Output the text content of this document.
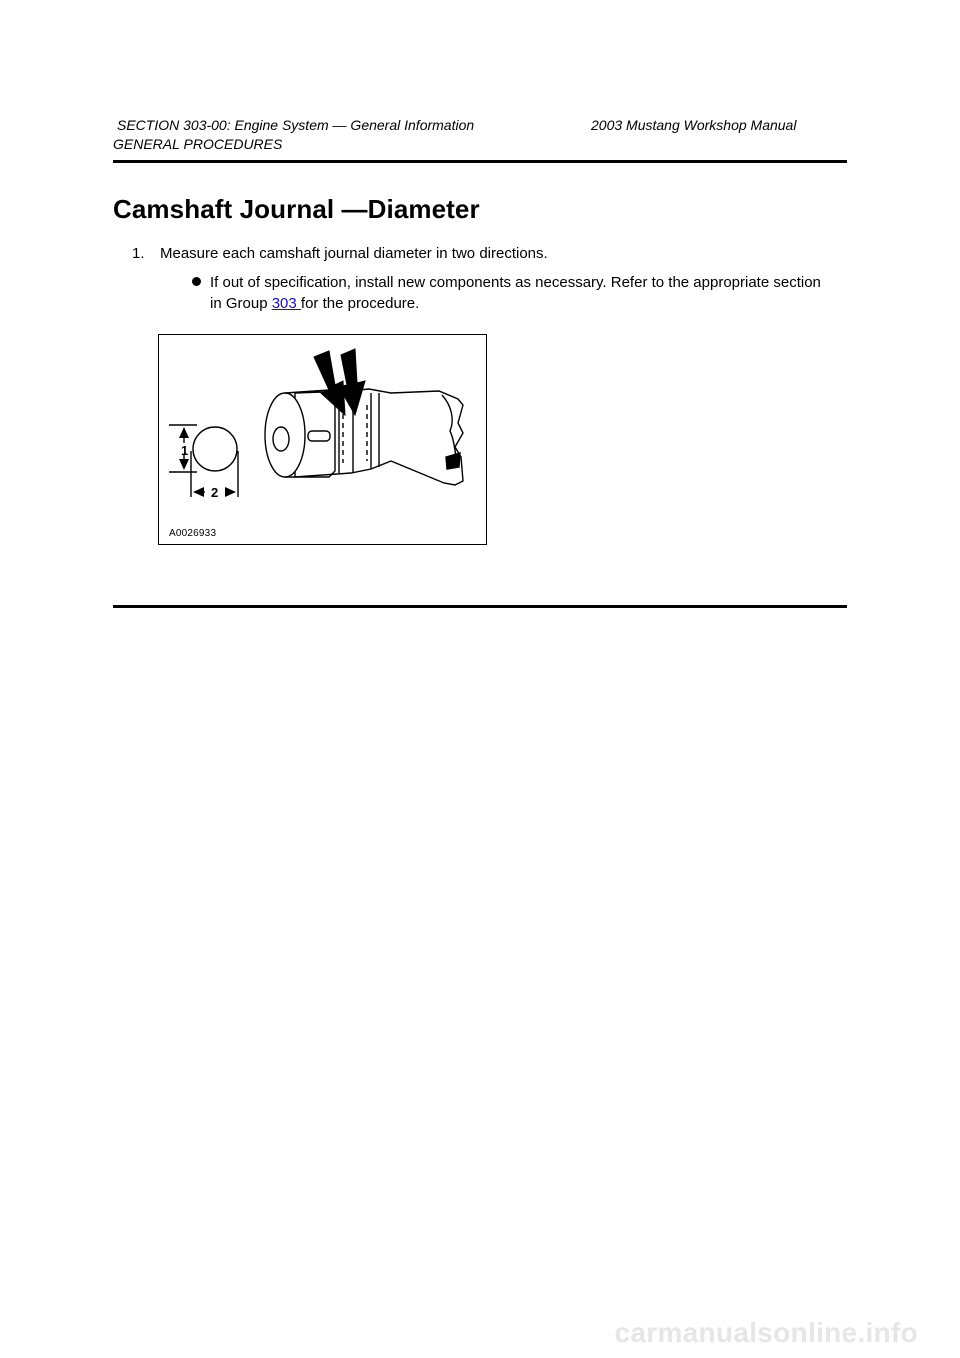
SECTION 303-00: Engine System — General Information	2003 Mustang Workshop Manual
GENERAL PROCEDURES
Camshaft Journal —Diameter
1. Measure each camshaft journal diameter in two directions.
If out of specification, install new components as necessary. Refer to the appropriate section in Group 303 for the procedure.
1
2
A0026933
carmanualsonline.info
